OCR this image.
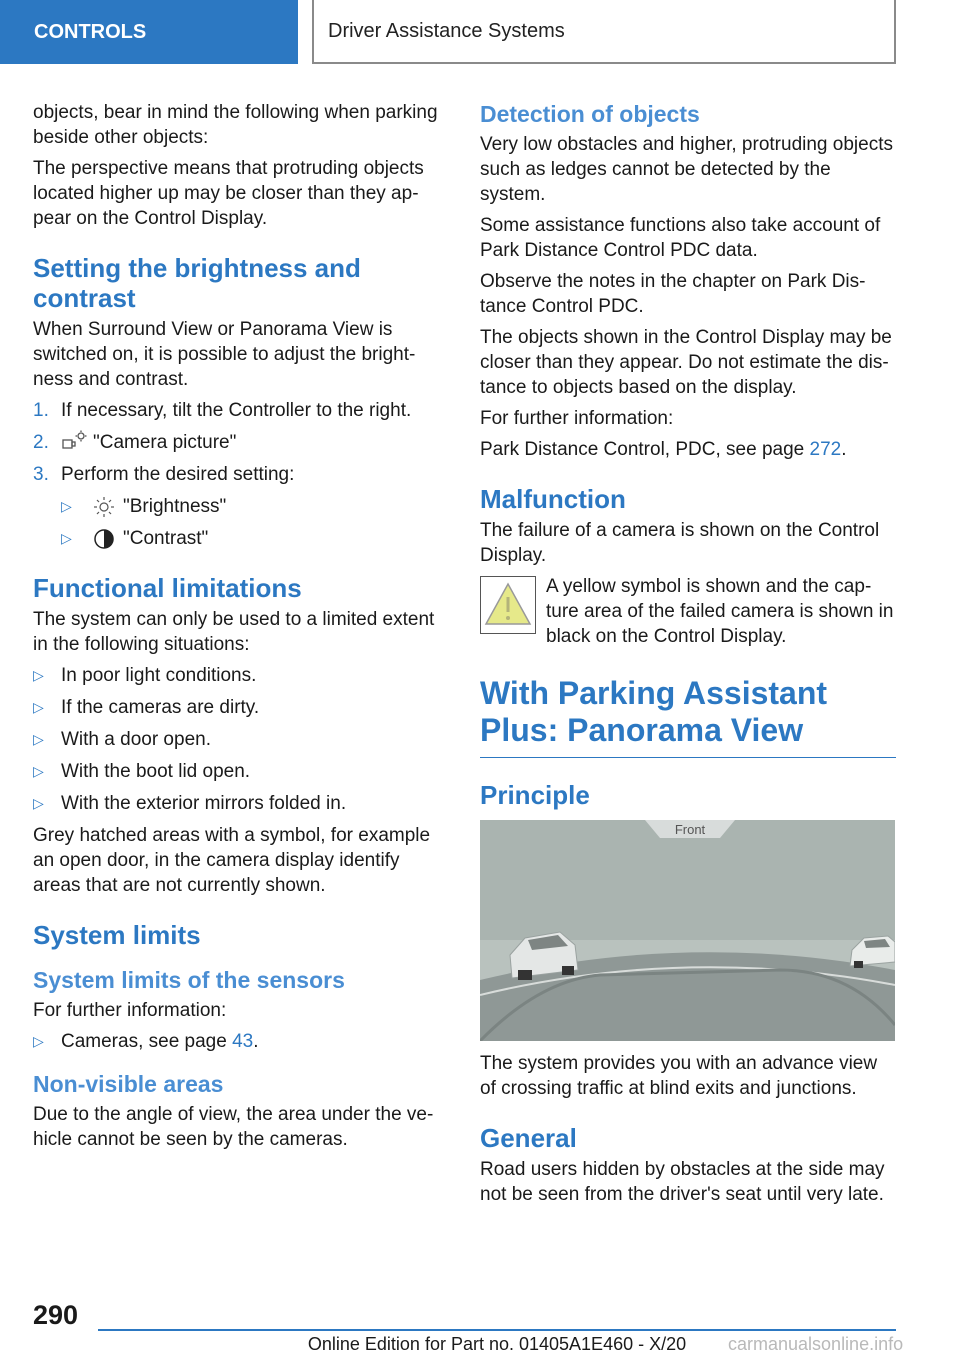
CONTROLS	Driver Assistance Systems

objects, bear in mind the following when parking beside other objects:

The perspective means that protruding objects located higher up may be closer than they appear on the Control Display.

Setting the brightness and contrast

When Surround View or Panorama View is switched on, it is possible to adjust the brightness and contrast.

1. If necessary, tilt the Controller to the right.
2.	"Camera picture"
3. Perform the desired setting:
▷	"Brightness"
▷	"Contrast"
Functional limitations

The system can only be used to a limited extent in the following situations:

▷ In poor light conditions.
▷ If the cameras are dirty.
▷ With a door open.
▷ With the boot lid open.
▷ With the exterior mirrors folded in.

Grey hatched areas with a symbol, for example an open door, in the camera display identify areas that are not currently shown.

System limits
System limits of the sensors

For further information:

▷ Cameras, see page 43.
Non-visible areas

Due to the angle of view, the area under the vehicle cannot be seen by the cameras.

Detection of objects

Very low obstacles and higher, protruding objects such as ledges cannot be detected by the system.

Some assistance functions also take account of Park Distance Control PDC data.

Observe the notes in the chapter on Park Distance Control PDC.

The objects shown in the Control Display may be closer than they appear. Do not estimate the distance to objects based on the display.

For further information:

Park Distance Control, PDC, see page 272.

Malfunction

The failure of a camera is shown on the Control Display.

A yellow symbol is shown and the capture area of the failed camera is shown in black on the Control Display.
With Parking Assistant Plus: Panorama View
Principle
Front

The system provides you with an advance view of crossing traffic at blind exits and junctions.

General

Road users hidden by obstacles at the side may not be seen from the driver's seat until very late.

290
Online Edition for Part no. 01405A1E460 - X/20	carmanualsonline.info
